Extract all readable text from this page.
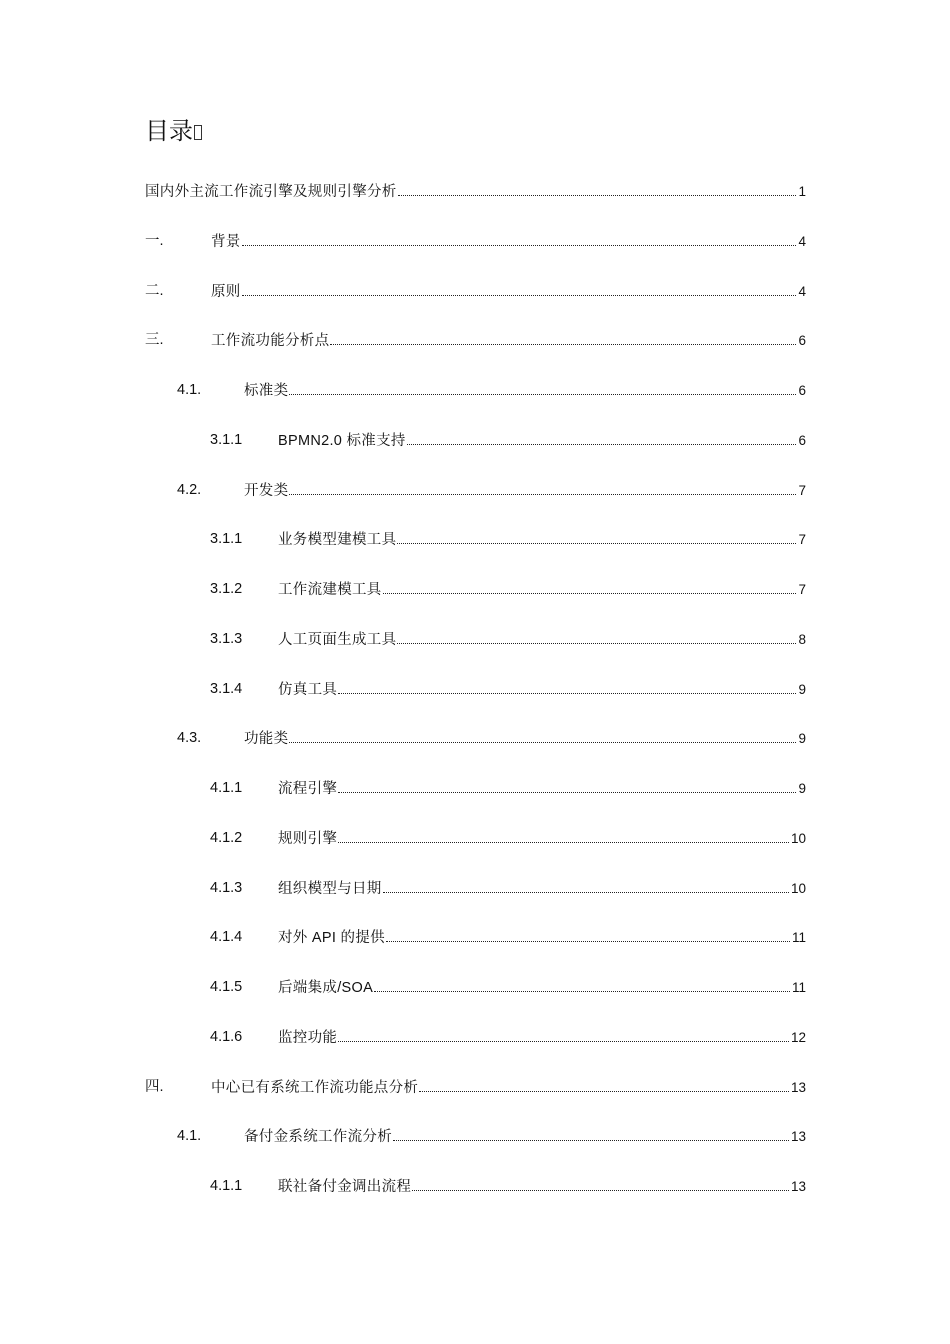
目录
国内外主流工作流引擎及规则引擎分析	1
一.	背景	4
二.	原则	4
三.	工作流功能分析点	6
4.1.	标准类	6
3.1.1 BPMN2.0 标准支持	6
4.2.	开发类	7
3.1.1 业务模型建模工具	7
3.1.2 工作流建模工具	7
3.1.3 人工页面生成工具	8
3.1.4 仿真工具	9
4.3.	功能类	9
4.1.1 流程引擎	9
4.1.2 规则引擎	10
4.1.3 组织模型与日期	10
4.1.4 对外 API 的提供	11
4.1.5 后端集成/SOA	11
4.1.6 监控功能	12
四.	中心已有系统工作流功能点分析	13
4.1.	备付金系统工作流分析	13
4.1.1 联社备付金调出流程	13
